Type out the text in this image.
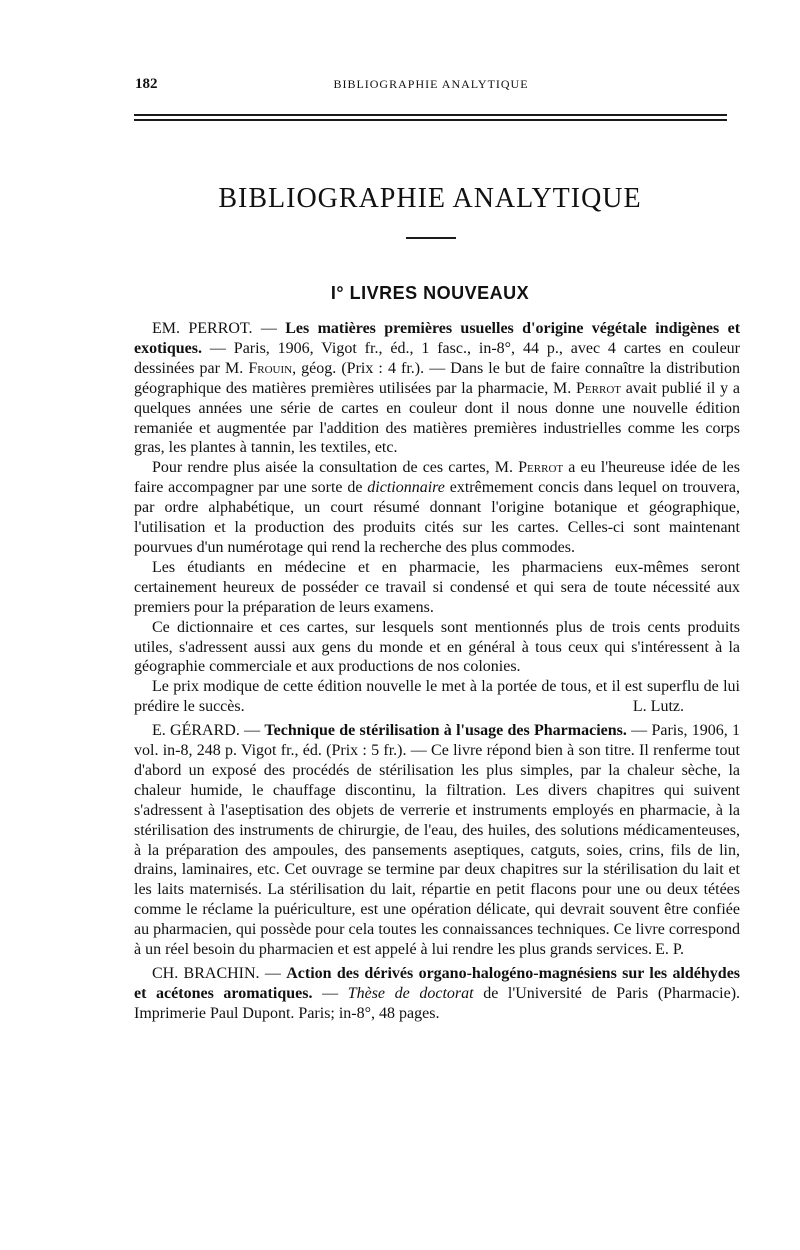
182	BIBLIOGRAPHIE ANALYTIQUE
BIBLIOGRAPHIE ANALYTIQUE
I° LIVRES NOUVEAUX

EM. PERROT. — Les matières premières usuelles d'origine végétale indigènes et exotiques. — Paris, 1906, Vigot fr., éd., 1 fasc., in-8°, 44 p., avec 4 cartes en couleur dessinées par M. Frouin, géog. (Prix : 4 fr.). — Dans le but de faire connaître la distribution géographique des matières premières utilisées par la pharmacie, M. Perrot avait publié il y a quelques années une série de cartes en couleur dont il nous donne une nouvelle édition remaniée et augmentée par l'addition des matières premières industrielles comme les corps gras, les plantes à tannin, les textiles, etc.

Pour rendre plus aisée la consultation de ces cartes, M. Perrot a eu l'heureuse idée de les faire accompagner par une sorte de dictionnaire extrêmement concis dans lequel on trouvera, par ordre alphabétique, un court résumé donnant l'origine botanique et géographique, l'utilisation et la production des produits cités sur les cartes. Celles-ci sont maintenant pourvues d'un numérotage qui rend la recherche des plus commodes.

Les étudiants en médecine et en pharmacie, les pharmaciens eux-mêmes seront certainement heureux de posséder ce travail si condensé et qui sera de toute nécessité aux premiers pour la préparation de leurs examens.

Ce dictionnaire et ces cartes, sur lesquels sont mentionnés plus de trois cents produits utiles, s'adressent aussi aux gens du monde et en général à tous ceux qui s'intéressent à la géographie commerciale et aux productions de nos colonies.

Le prix modique de cette édition nouvelle le met à la portée de tous, et il est superflu de lui prédire le succès.	L. Lutz.

E. GÉRARD. — Technique de stérilisation à l'usage des Pharmaciens. — Paris, 1906, 1 vol. in-8, 248 p. Vigot fr., éd. (Prix : 5 fr.). — Ce livre répond bien à son titre. Il renferme tout d'abord un exposé des procédés de stérilisation les plus simples, par la chaleur sèche, la chaleur humide, le chauffage discontinu, la filtration. Les divers chapitres qui suivent s'adressent à l'aseptisation des objets de verrerie et instruments employés en pharmacie, à la stérilisation des instruments de chirurgie, de l'eau, des huiles, des solutions médicamenteuses, à la préparation des ampoules, des pansements aseptiques, catguts, soies, crins, fils de lin, drains, laminaires, etc. Cet ouvrage se termine par deux chapitres sur la stérilisation du lait et les laits maternisés. La stérilisation du lait, répartie en petit flacons pour une ou deux tétées comme le réclame la puériculture, est une opération délicate, qui devrait souvent être confiée au pharmacien, qui possède pour cela toutes les connaissances techniques. Ce livre correspond à un réel besoin du pharmacien et est appelé à lui rendre les plus grands services. E. P.

CH. BRACHIN. — Action des dérivés organo-halogéno-magnésiens sur les aldéhydes et acétones aromatiques. — Thèse de doctorat de l'Université de Paris (Pharmacie). Imprimerie Paul Dupont. Paris; in-8°, 48 pages.
